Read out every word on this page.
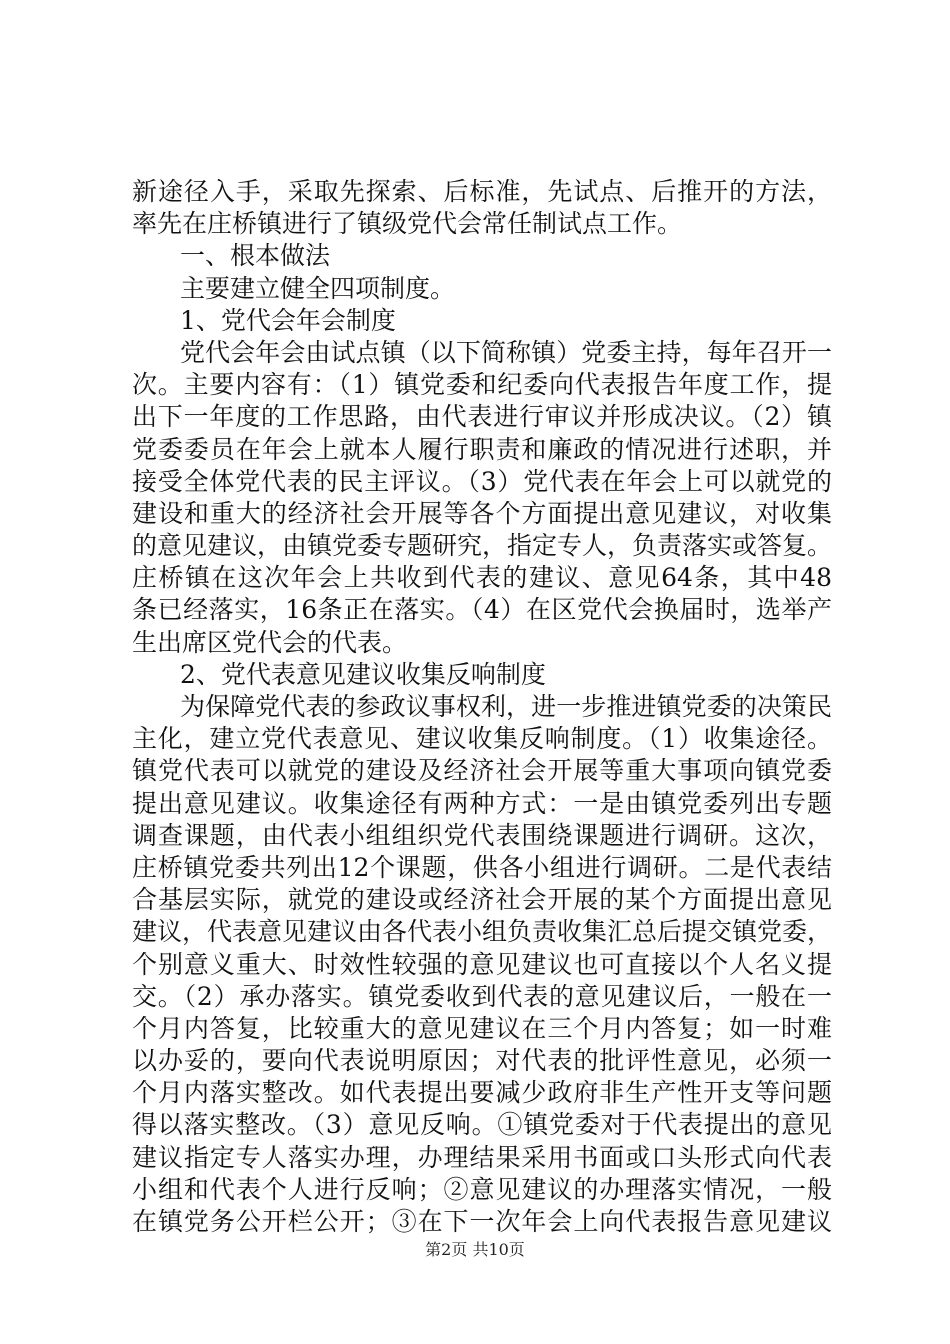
新途径入手，采取先探索、后标准，先试点、后推开的方法，
率先在庄桥镇进行了镇级党代会常任制试点工作。
一、根本做法
主要建立健全四项制度。
1、党代会年会制度
党代会年会由试点镇（以下简称镇）党委主持，每年召开一
次。主要内容有：（1）镇党委和纪委向代表报告年度工作，提
出下一年度的工作思路，由代表进行审议并形成决议。（2）镇
党委委员在年会上就本人履行职责和廉政的情况进行述职，并
接受全体党代表的民主评议。（3）党代表在年会上可以就党的
建设和重大的经济社会开展等各个方面提出意见建议，对收集
的意见建议，由镇党委专题研究，指定专人，负责落实或答复。
庄桥镇在这次年会上共收到代表的建议、意见64条，其中48
条已经落实，16条正在落实。（4）在区党代会换届时，选举产
生出席区党代会的代表。
2、党代表意见建议收集反响制度
为保障党代表的参政议事权利，进一步推进镇党委的决策民
主化，建立党代表意见、建议收集反响制度。（1）收集途径。
镇党代表可以就党的建设及经济社会开展等重大事项向镇党委
提出意见建议。收集途径有两种方式：一是由镇党委列出专题
调查课题，由代表小组组织党代表围绕课题进行调研。这次，
庄桥镇党委共列出12个课题，供各小组进行调研。二是代表结
合基层实际，就党的建设或经济社会开展的某个方面提出意见
建议，代表意见建议由各代表小组负责收集汇总后提交镇党委，
个别意义重大、时效性较强的意见建议也可直接以个人名义提
交。（2）承办落实。镇党委收到代表的意见建议后，一般在一
个月内答复，比较重大的意见建议在三个月内答复；如一时难
以办妥的，要向代表说明原因；对代表的批评性意见，必须一
个月内落实整改。如代表提出要减少政府非生产性开支等问题
得以落实整改。（3）意见反响。①镇党委对于代表提出的意见
建议指定专人落实办理，办理结果采用书面或口头形式向代表
小组和代表个人进行反响；②意见建议的办理落实情况，一般
在镇党务公开栏公开；③在下一次年会上向代表报告意见建议
第2页 共10页
